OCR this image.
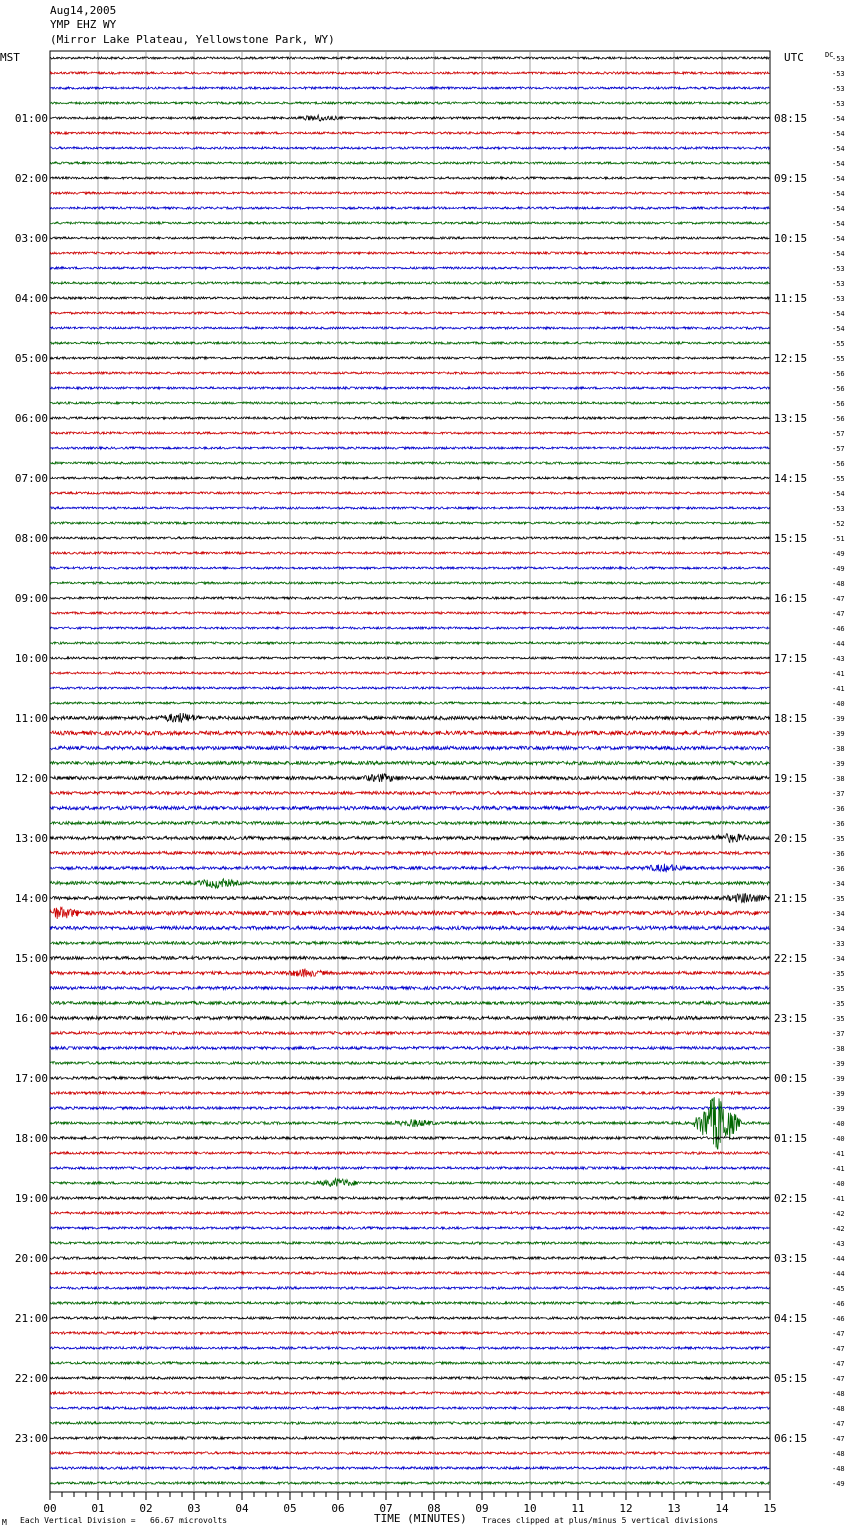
Aug14,2005
YMP EHZ WY
(Mirror Lake Plateau, Yellowstone Park, WY)
-53
-53
-53
-53
-54
-54
-54
-54
-54
-54
-54
-54
-54
-54
-53
-53
-53
-54
-54
-55
-55
-56
-56
-56
-56
-57
-57
-56
-55
-54
-53
-52
-51
-49
-49
-48
-47
-47
-46
-44
-43
-41
-41
-40
-39
-39
-38
-39
-38
-37
-36
-36
-35
-36
-36
-34
-35
-34
-34
-33
-34
-35
-35
-35
-35
-37
-38
-39
-39
-39
-39
-40
-40
-41
-41
-40
-41
-42
-42
-43
-44
-44
-45
-46
-46
-47
-47
-47
-47
-48
-48
-47
-47
-48
-48
-49
MST	UTC	DC
01:00
02:00
03:00
04:00
05:00
06:00
07:00
08:00
09:00
10:00
11:00
12:00
13:00
14:00
15:00
16:00
17:00
18:00
19:00
20:00
21:00
22:00
23:00
08:15
09:15
10:15
11:15
12:15
13:15
14:15
15:15
16:15
17:15
18:15
19:15
20:15
21:15
22:15
23:15
00:15
01:15
02:15
03:15
04:15
05:15
06:15
00	01	02	03	04	05	06	07	08	09	10	11	12	13	14	15
M Each Vertical Division =   66.67 microvolts	TIME (MINUTES) Traces clipped at plus/minus 5 vertical divisions
